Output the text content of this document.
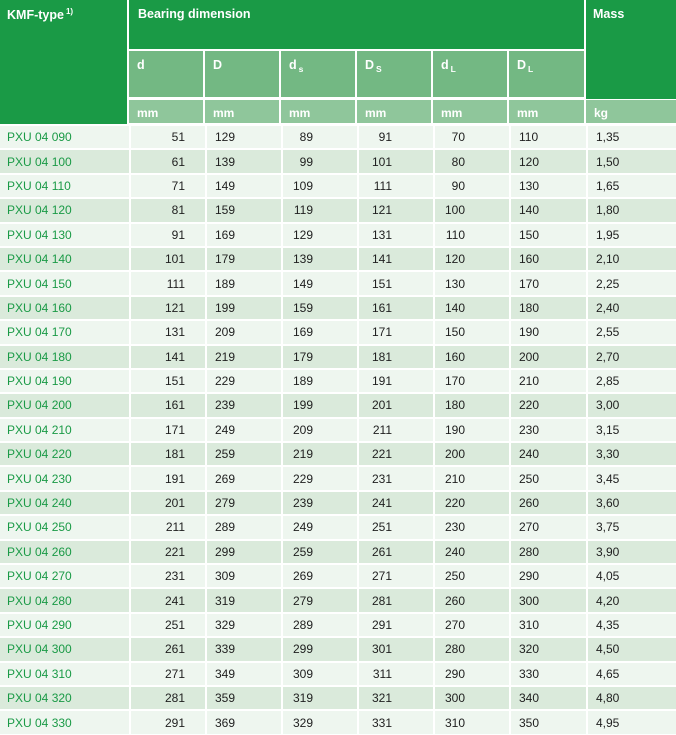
KMF-type $^{1)}$	Bearing dimension	Mass
d	D	d $_s$	D $_S$	d $_L$	D $_L$
mm	mm	mm	mm	mm	mm	kg
PXU 04 090	51	129	89	91	70	110	1,35
PXU 04 100	61	139	99	101	80	120	1,50
PXU 04 110	71	149	109	111	90	130	1,65
PXU 04 120	81	159	119	121	100	140	1,80
PXU 04 130	91	169	129	131	110	150	1,95
PXU 04 140	101	179	139	141	120	160	2,10
PXU 04 150	111	189	149	151	130	170	2,25
PXU 04 160	121	199	159	161	140	180	2,40
PXU 04 170	131	209	169	171	150	190	2,55
PXU 04 180	141	219	179	181	160	200	2,70
PXU 04 190	151	229	189	191	170	210	2,85
PXU 04 200	161	239	199	201	180	220	3,00
PXU 04 210	171	249	209	211	190	230	3,15
PXU 04 220	181	259	219	221	200	240	3,30
PXU 04 230	191	269	229	231	210	250	3,45
PXU 04 240	201	279	239	241	220	260	3,60
PXU 04 250	211	289	249	251	230	270	3,75
PXU 04 260	221	299	259	261	240	280	3,90
PXU 04 270	231	309	269	271	250	290	4,05
PXU 04 280	241	319	279	281	260	300	4,20
PXU 04 290	251	329	289	291	270	310	4,35
PXU 04 300	261	339	299	301	280	320	4,50
PXU 04 310	271	349	309	311	290	330	4,65
PXU 04 320	281	359	319	321	300	340	4,80
PXU 04 330	291	369	329	331	310	350	4,95
